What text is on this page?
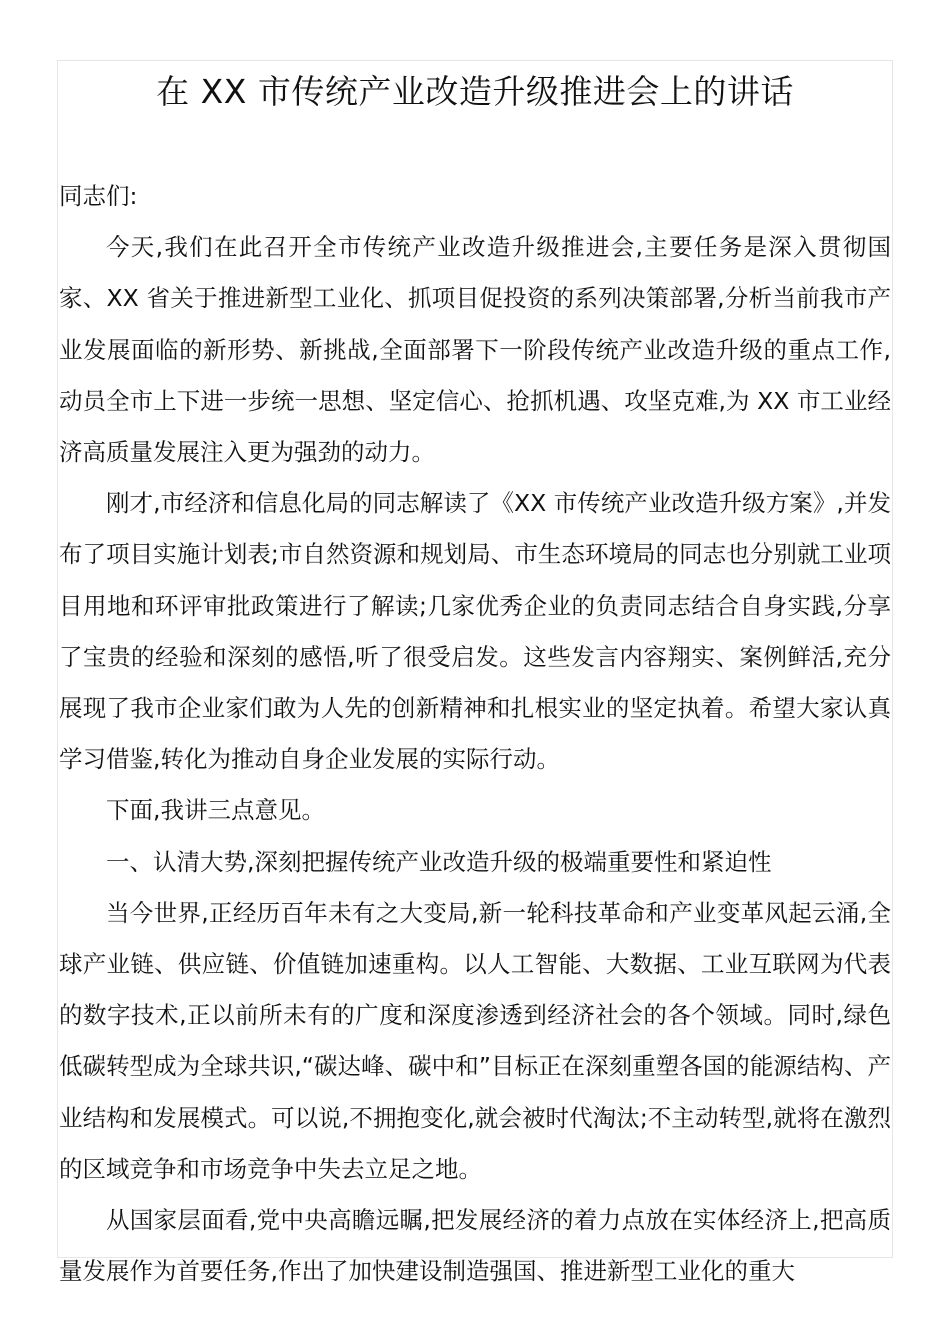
在 XX 市传统产业改造升级推进会上的讲话

同志们:

今天,我们在此召开全市传统产业改造升级推进会,主要任务是深入贯彻国家、XX 省关于推进新型工业化、抓项目促投资的系列决策部署,分析当前我市产业发展面临的新形势、新挑战,全面部署下一阶段传统产业改造升级的重点工作,动员全市上下进一步统一思想、坚定信心、抢抓机遇、攻坚克难,为 XX 市工业经济高质量发展注入更为强劲的动力。

刚才,市经济和信息化局的同志解读了《XX 市传统产业改造升级方案》,并发布了项目实施计划表;市自然资源和规划局、市生态环境局的同志也分别就工业项目用地和环评审批政策进行了解读;几家优秀企业的负责同志结合自身实践,分享了宝贵的经验和深刻的感悟,听了很受启发。这些发言内容翔实、案例鲜活,充分展现了我市企业家们敢为人先的创新精神和扎根实业的坚定执着。希望大家认真学习借鉴,转化为推动自身企业发展的实际行动。

下面,我讲三点意见。

一、认清大势,深刻把握传统产业改造升级的极端重要性和紧迫性

当今世界,正经历百年未有之大变局,新一轮科技革命和产业变革风起云涌,全球产业链、供应链、价值链加速重构。以人工智能、大数据、工业互联网为代表的数字技术,正以前所未有的广度和深度渗透到经济社会的各个领域。同时,绿色低碳转型成为全球共识,“碳达峰、碳中和”目标正在深刻重塑各国的能源结构、产业结构和发展模式。可以说,不拥抱变化,就会被时代淘汰;不主动转型,就将在激烈的区域竞争和市场竞争中失去立足之地。

从国家层面看,党中央高瞻远瞩,把发展经济的着力点放在实体经济上,把高质量发展作为首要任务,作出了加快建设制造强国、推进新型工业化的重大
